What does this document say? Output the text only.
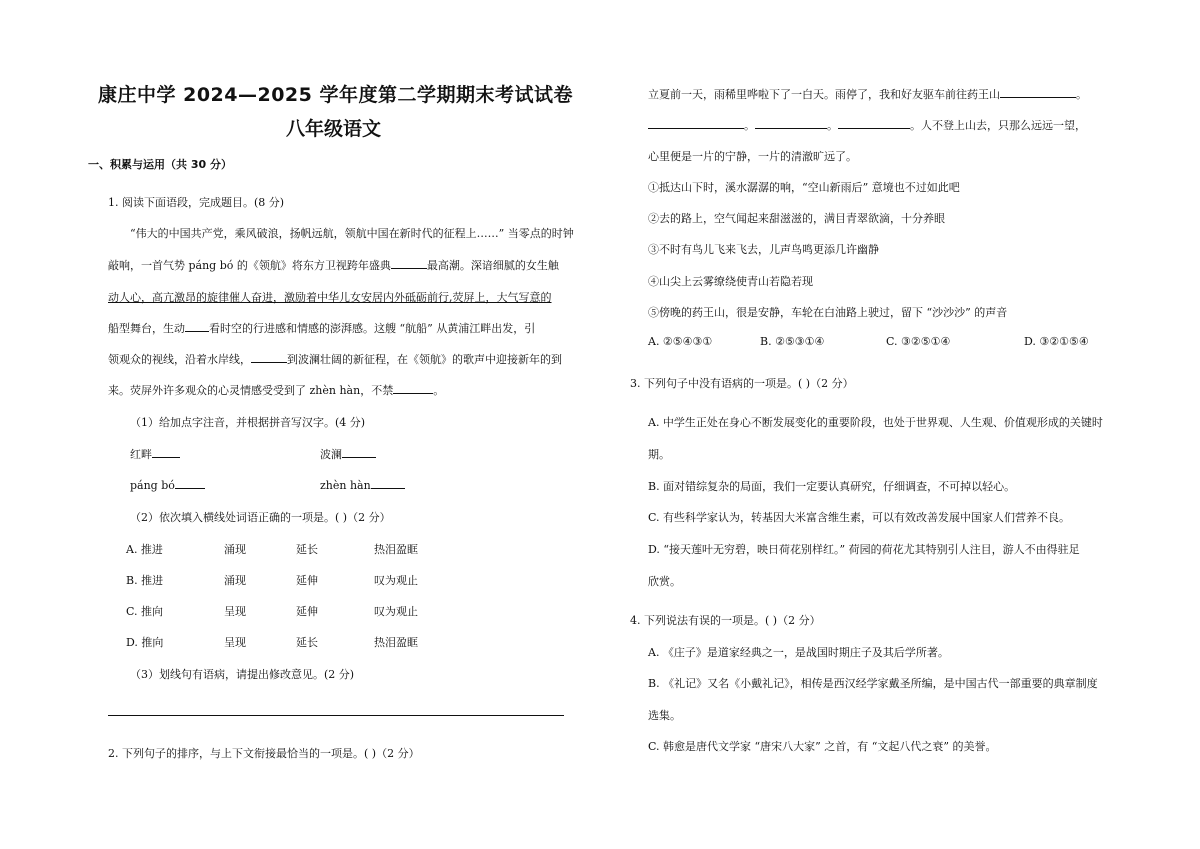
康庄中学 2024—2025 学年度第二学期期末考试试卷
八年级语文
一、积累与运用（共 30 分）
1. 阅读下面语段，完成题目。(8 分)
“伟大的中国共产党，乘风破浪，扬帆远航，领航中国在新时代的征程上……” 当零点的时钟
敲响，一首气势 páng bó 的《领航》将东方卫视跨年盛典	最高潮。深谙细腻的女生触
动人心，高亢激昂的旋律催人奋进，激励着中华儿女安居内外砥砺前行,荧屏上，大气写意的
船型舞台，生动 看时空的行进感和情感的澎湃感。这艘 “航船” 从黄浦江畔出发，引
领观众的视线，沿着水岸线，	到波澜壮阔的新征程，在《领航》的歌声中迎接新年的到
来。荧屏外许多观众的心灵情感受受到了 zhèn hàn，不禁	。
（1）给加点字注音，并根据拼音写汉字。(4 分)
红畔	波澜
páng bó	zhèn hàn
（2）依次填入横线处词语正确的一项是。( )（2 分）
A. 推进	涌现	延长	热泪盈眶
B. 推进	涌现	延伸	叹为观止
C. 推向	呈现	延伸	叹为观止
D. 推向	呈现	延长	热泪盈眶
（3）划线句有语病，请提出修改意见。(2 分)
2. 下列句子的排序，与上下文衔接最恰当的一项是。( )（2 分）
立夏前一天，雨稀里哗啦下了一白天。雨停了，我和好友驱车前往药王山	。
。	。	。人不登上山去，只那么远远一望，
心里便是一片的宁静，一片的清澈旷远了。
①抵达山下时，溪水潺潺的响，“空山新雨后” 意境也不过如此吧
②去的路上，空气闻起来甜滋滋的，满目青翠欲滴，十分养眼
③不时有鸟儿飞来飞去，儿声鸟鸣更添几许幽静
④山尖上云雾缭绕使青山若隐若现
⑤傍晚的药王山，很是安静，车轮在白油路上驶过，留下 “沙沙沙” 的声音
A. ②⑤④③①	B. ②⑤③①④	C. ③②⑤①④	D. ③②①⑤④
3. 下列句子中没有语病的一项是。( )（2 分）
A. 中学生正处在身心不断发展变化的重要阶段，也处于世界观、人生观、价值观形成的关键时
期。
B. 面对错综复杂的局面，我们一定要认真研究，仔细调查，不可掉以轻心。
C. 有些科学家认为，转基因大米富含维生素，可以有效改善发展中国家人们营养不良。
D. “接天莲叶无穷碧，映日荷花别样红。” 荷园的荷花尤其特别引人注目，游人不由得驻足
欣赏。
4. 下列说法有误的一项是。( )（2 分）
A. 《庄子》是道家经典之一，是战国时期庄子及其后学所著。
B. 《礼记》又名《小戴礼记》，相传是西汉经学家戴圣所编，是中国古代一部重要的典章制度
选集。
C. 韩愈是唐代文学家 “唐宋八大家” 之首，有 “文起八代之衰” 的美誉。
